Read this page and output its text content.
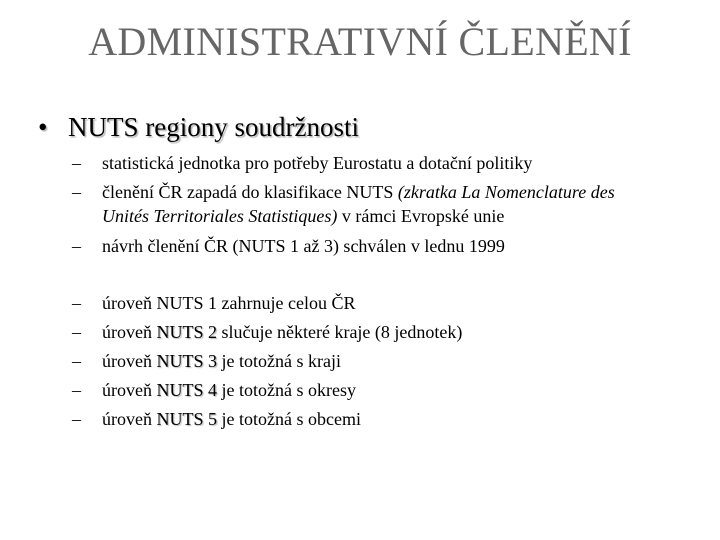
ADMINISTRATIVNÍ ČLENĚNÍ
• NUTS regiony soudržnosti
– statistická jednotka pro potřeby Eurostatu a dotační politiky
– členění ČR zapadá do klasifikace NUTS (zkratka La Nomenclature des
Unités Territoriales Statistiques) v rámci Evropské unie
– návrh členění ČR (NUTS 1 až 3) schválen v lednu 1999
– úroveň NUTS 1 zahrnuje celou ČR
– úroveň NUTS 2 slučuje některé kraje (8 jednotek)
– úroveň NUTS 3 je totožná s kraji
– úroveň NUTS 4 je totožná s okresy
– úroveň NUTS 5 je totožná s obcemi
